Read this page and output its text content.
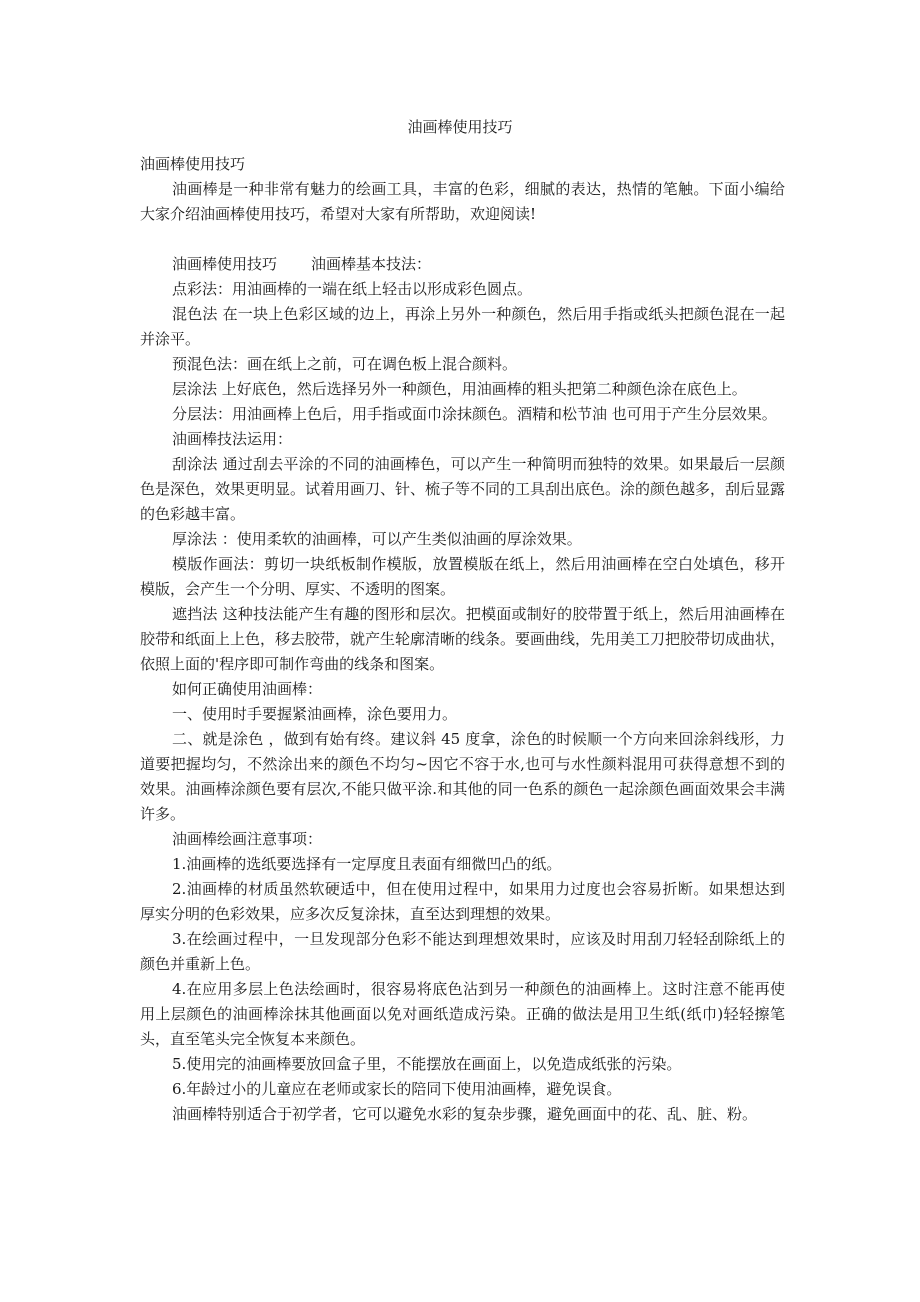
油画棒使用技巧

油画棒使用技巧

油画棒是一种非常有魅力的绘画工具，丰富的色彩，细腻的表达，热情的笔触。下面小编给大家介绍油画棒使用技巧，希望对大家有所帮助，欢迎阅读!

油画棒使用技巧 油画棒基本技法：

点彩法：用油画棒的一端在纸上轻击以形成彩色圆点。

混色法 在一块上色彩区域的边上，再涂上另外一种颜色，然后用手指或纸头把颜色混在一起并涂平。

预混色法：画在纸上之前，可在调色板上混合颜料。

层涂法 上好底色，然后选择另外一种颜色，用油画棒的粗头把第二种颜色涂在底色上。

分层法：用油画棒上色后，用手指或面巾涂抹颜色。酒精和松节油 也可用于产生分层效果。

油画棒技法运用：

刮涂法 通过刮去平涂的不同的油画棒色，可以产生一种简明而独特的效果。如果最后一层颜色是深色，效果更明显。试着用画刀、针、梳子等不同的工具刮出底色。涂的颜色越多，刮后显露的色彩越丰富。

厚涂法 ：使用柔软的油画棒，可以产生类似油画的厚涂效果。

模版作画法：剪切一块纸板制作模版，放置模版在纸上，然后用油画棒在空白处填色，移开模版，会产生一个分明、厚实、不透明的图案。

遮挡法 这种技法能产生有趣的图形和层次。把模面或制好的胶带置于纸上，然后用油画棒在胶带和纸面上上色，移去胶带，就产生轮廓清晰的线条。要画曲线，先用美工刀把胶带切成曲状，依照上面的'程序即可制作弯曲的线条和图案。

如何正确使用油画棒：

一、使用时手要握紧油画棒，涂色要用力。

二、就是涂色 ，做到有始有终。建议斜 45 度拿，涂色的时候顺一个方向来回涂斜线形，力道要把握均匀，不然涂出来的颜色不均匀~因它不容于水,也可与水性颜料混用可获得意想不到的效果。油画棒涂颜色要有层次,不能只做平涂.和其他的同一色系的颜色一起涂颜色画面效果会丰满许多。

油画棒绘画注意事项：

1.油画棒的选纸要选择有一定厚度且表面有细微凹凸的纸。

2.油画棒的材质虽然软硬适中，但在使用过程中，如果用力过度也会容易折断。如果想达到厚实分明的色彩效果，应多次反复涂抹，直至达到理想的效果。

3.在绘画过程中，一旦发现部分色彩不能达到理想效果时，应该及时用刮刀轻轻刮除纸上的颜色并重新上色。

4.在应用多层上色法绘画时，很容易将底色沾到另一种颜色的油画棒上。这时注意不能再使用上层颜色的油画棒涂抹其他画面以免对画纸造成污染。正确的做法是用卫生纸(纸巾)轻轻擦笔头，直至笔头完全恢复本来颜色。

5.使用完的油画棒要放回盒子里，不能摆放在画面上，以免造成纸张的污染。

6.年龄过小的儿童应在老师或家长的陪同下使用油画棒，避免误食。

油画棒特别适合于初学者，它可以避免水彩的复杂步骤，避免画面中的花、乱、脏、粉。
